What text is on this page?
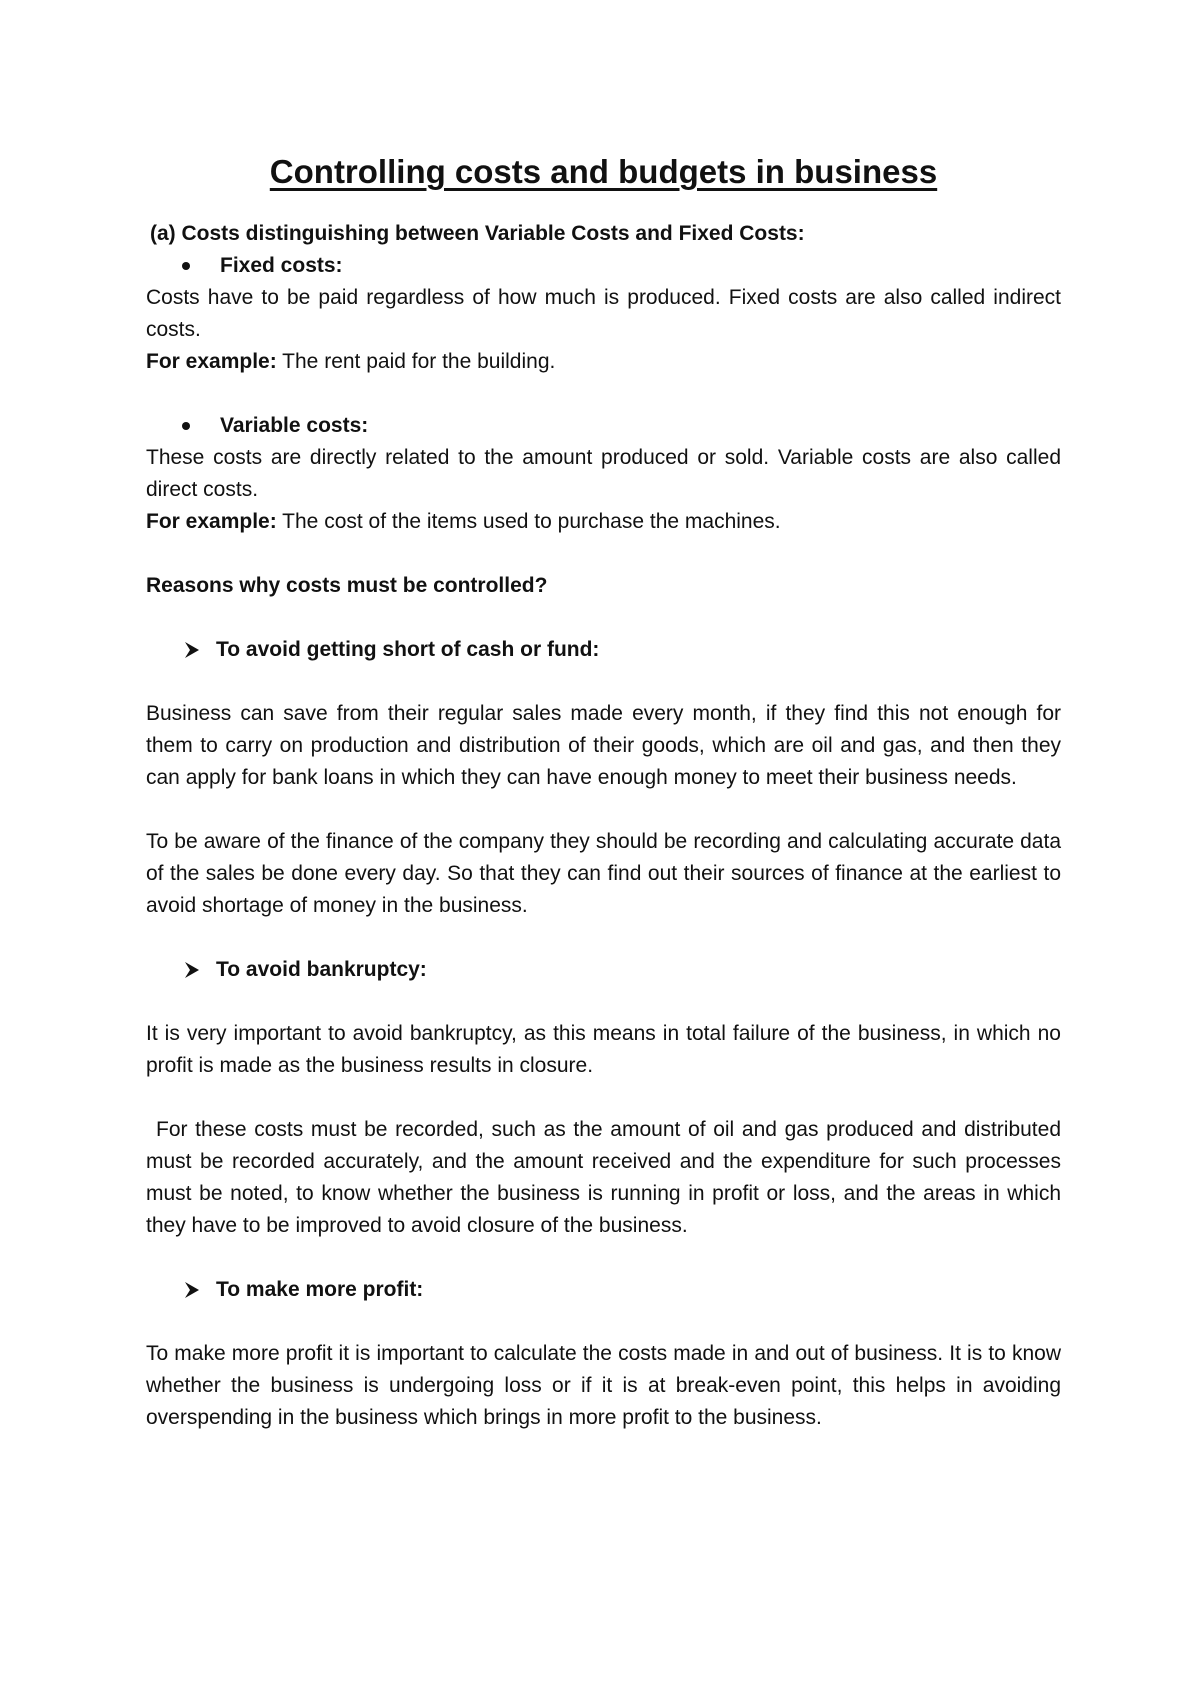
Controlling costs and budgets in business

(a) Costs distinguishing between Variable Costs and Fixed Costs:

Fixed costs:

Costs have to be paid regardless of how much is produced. Fixed costs are also called indirect costs.

For example: The rent paid for the building.

Variable costs:

These costs are directly related to the amount produced or sold. Variable costs are also called direct costs.

For example: The cost of the items used to purchase the machines.

Reasons why costs must be controlled?

To avoid getting short of cash or fund:

Business can save from their regular sales made every month, if they find this not enough for them to carry on production and distribution of their goods, which are oil and gas, and then they can apply for bank loans in which they can have enough money to meet their business needs.

To be aware of the finance of the company they should be recording and calculating accurate data of the sales be done every day. So that they can find out their sources of finance at the earliest to avoid shortage of money in the business.

To avoid bankruptcy:

It is very important to avoid bankruptcy, as this means in total failure of the business, in which no profit is made as the business results in closure.

For these costs must be recorded, such as the amount of oil and gas produced and distributed must be recorded accurately, and the amount received and the expenditure for such processes must be noted, to know whether the business is running in profit or loss, and the areas in which they have to be improved to avoid closure of the business.

To make more profit:

To make more profit it is important to calculate the costs made in and out of business. It is to know whether the business is undergoing loss or if it is at break-even point, this helps in avoiding overspending in the business which brings in more profit to the business.
